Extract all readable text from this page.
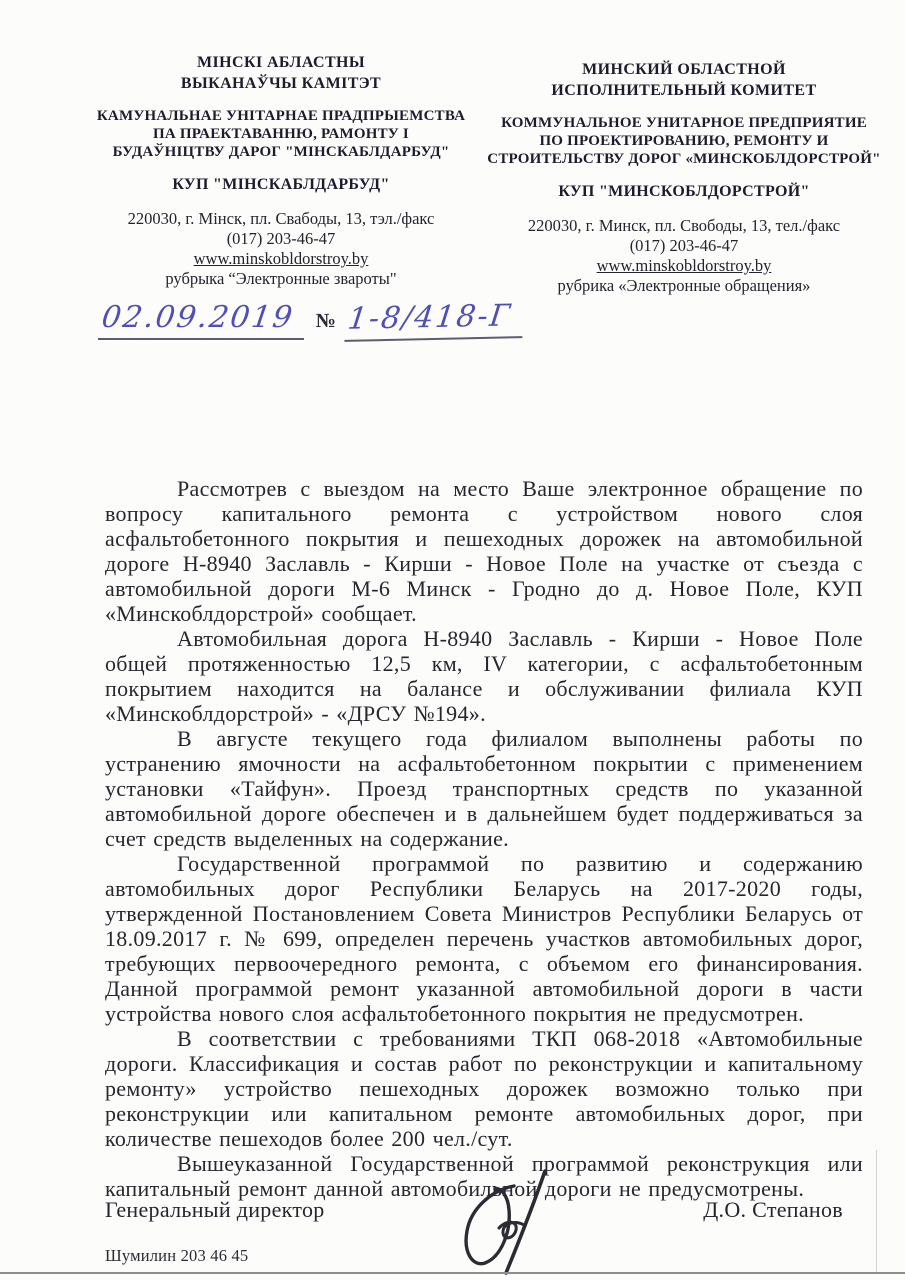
МІНСКІ АБЛАСТНЫ
ВЫКАНАЎЧЫ КАМІТЭТ
КАМУНАЛЬНАЕ УНІТАРНАЕ ПРАДПРЫЕМСТВА
ПА ПРАЕКТАВАННЮ, РАМОНТУ І
БУДАЎНІЦТВУ ДАРОГ "МІНСКАБЛДАРБУД"
КУП "МІНСКАБЛДАРБУД"
220030, г. Мінск, пл. Свабоды, 13, тэл./факс
(017) 203-46-47
www.minskobldorstroy.by
рубрыка “Электронные звароты"
МИНСКИЙ ОБЛАСТНОЙ
ИСПОЛНИТЕЛЬНЫЙ КОМИТЕТ
КОММУНАЛЬНОЕ УНИТАРНОЕ ПРЕДПРИЯТИЕ
ПО ПРОЕКТИРОВАНИЮ, РЕМОНТУ И
СТРОИТЕЛЬСТВУ ДОРОГ «МИНСКОБЛДОРСТРОЙ"
КУП "МИНСКОБЛДОРСТРОЙ"
220030, г. Минск, пл. Свободы, 13, тел./факс
(017) 203-46-47
www.minskobldorstroy.by
рубрика «Электронные обращения»
02.09.2019 № 1-8/418-Г

Рассмотрев с выездом на место Ваше электронное обращение по вопросу капитального ремонта с устройством нового слоя асфальтобетонного покрытия и пешеходных дорожек на автомобильной дороге Н-8940 Заславль - Кирши - Новое Поле на участке от съезда с автомобильной дороги М-6 Минск - Гродно до д. Новое Поле, КУП «Минскоблдорстрой» сообщает.

Автомобильная дорога Н-8940 Заславль - Кирши - Новое Поле общей протяженностью 12,5 км, IV категории, с асфальтобетонным покрытием находится на балансе и обслуживании филиала КУП «Минскоблдорстрой» - «ДРСУ №194».

В августе текущего года филиалом выполнены работы по устранению ямочности на асфальтобетонном покрытии с применением установки «Тайфун». Проезд транспортных средств по указанной автомобильной дороге обеспечен и в дальнейшем будет поддерживаться за счет средств выделенных на содержание.

Государственной программой по развитию и содержанию автомобильных дорог Республики Беларусь на 2017-2020 годы, утвержденной Постановлением Совета Министров Республики Беларусь от 18.09.2017 г. № 699, определен перечень участков автомобильных дорог, требующих первоочередного ремонта, с объемом его финансирования. Данной программой ремонт указанной автомобильной дороги в части устройства нового слоя асфальтобетонного покрытия не предусмотрен.

В соответствии с требованиями ТКП 068-2018 «Автомобильные дороги. Классификация и состав работ по реконструкции и капитальному ремонту» устройство пешеходных дорожек возможно только при реконструкции или капитальном ремонте автомобильных дорог, при количестве пешеходов более 200 чел./сут.

Вышеуказанной Государственной программой реконструкция или капитальный ремонт данной автомобильной дороги не предусмотрены.

Генеральный директор	Д.О. Степанов
Шумилин 203 46 45
